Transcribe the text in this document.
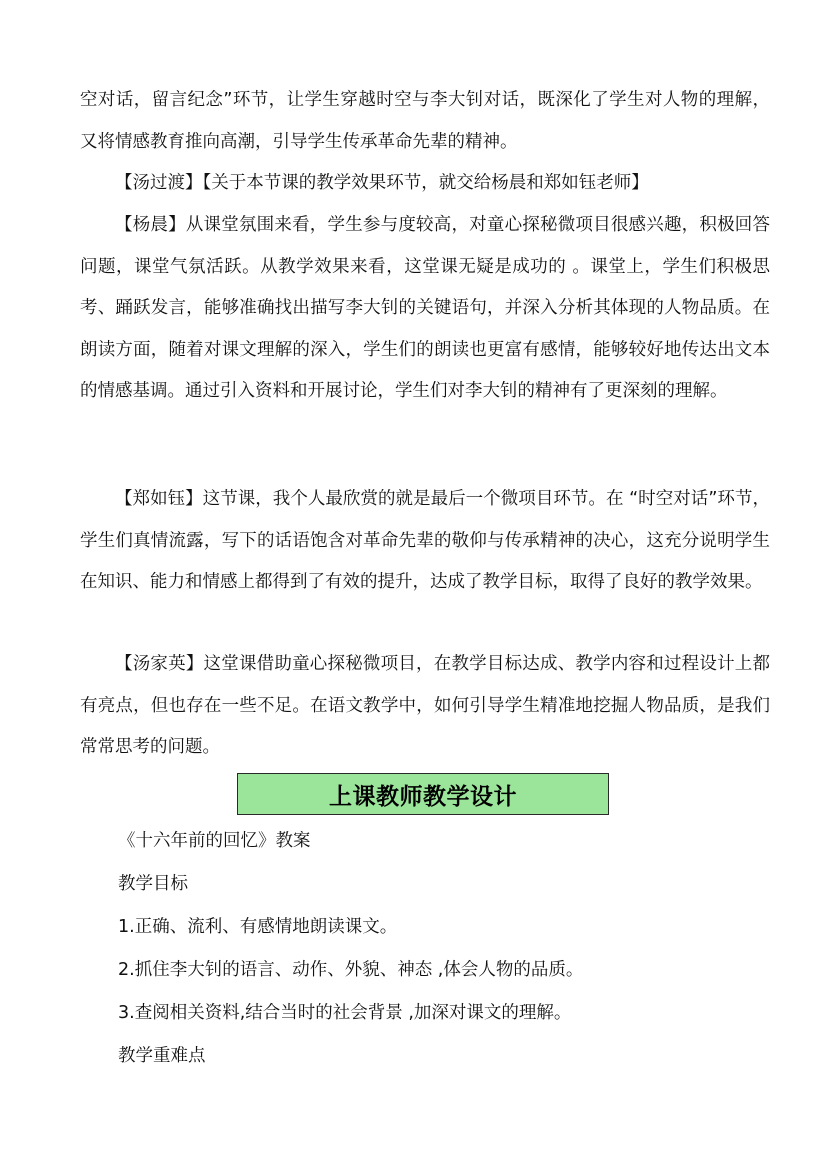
空对话，留言纪念”环节，让学生穿越时空与李大钊对话，既深化了学生对人物的理解，又将情感教育推向高潮，引导学生传承革命先辈的精神。

【汤过渡】【关于本节课的教学效果环节，就交给杨晨和郑如钰老师】

【杨晨】从课堂氛围来看，学生参与度较高，对童心探秘微项目很感兴趣，积极回答问题，课堂气氛活跃。从教学效果来看，这堂课无疑是成功的 。课堂上，学生们积极思考、踊跃发言，能够准确找出描写李大钊的关键语句，并深入分析其体现的人物品质。在朗读方面，随着对课文理解的深入，学生们的朗读也更富有感情，能够较好地传达出文本的情感基调。通过引入资料和开展讨论，学生们对李大钊的精神有了更深刻的理解。

【郑如钰】这节课，我个人最欣赏的就是最后一个微项目环节。在 “时空对话”环节，学生们真情流露，写下的话语饱含对革命先辈的敬仰与传承精神的决心，这充分说明学生在知识、能力和情感上都得到了有效的提升，达成了教学目标，取得了良好的教学效果。

【汤家英】这堂课借助童心探秘微项目，在教学目标达成、教学内容和过程设计上都有亮点，但也存在一些不足。在语文教学中，如何引导学生精准地挖掘人物品质，是我们常常思考的问题。

上课教师教学设计

《十六年前的回忆》教案

教学目标

1.正确、流利、有感情地朗读课文。

2.抓住李大钊的语言、动作、外貌、神态 ,体会人物的品质。

3.查阅相关资料,结合当时的社会背景 ,加深对课文的理解。

教学重难点
